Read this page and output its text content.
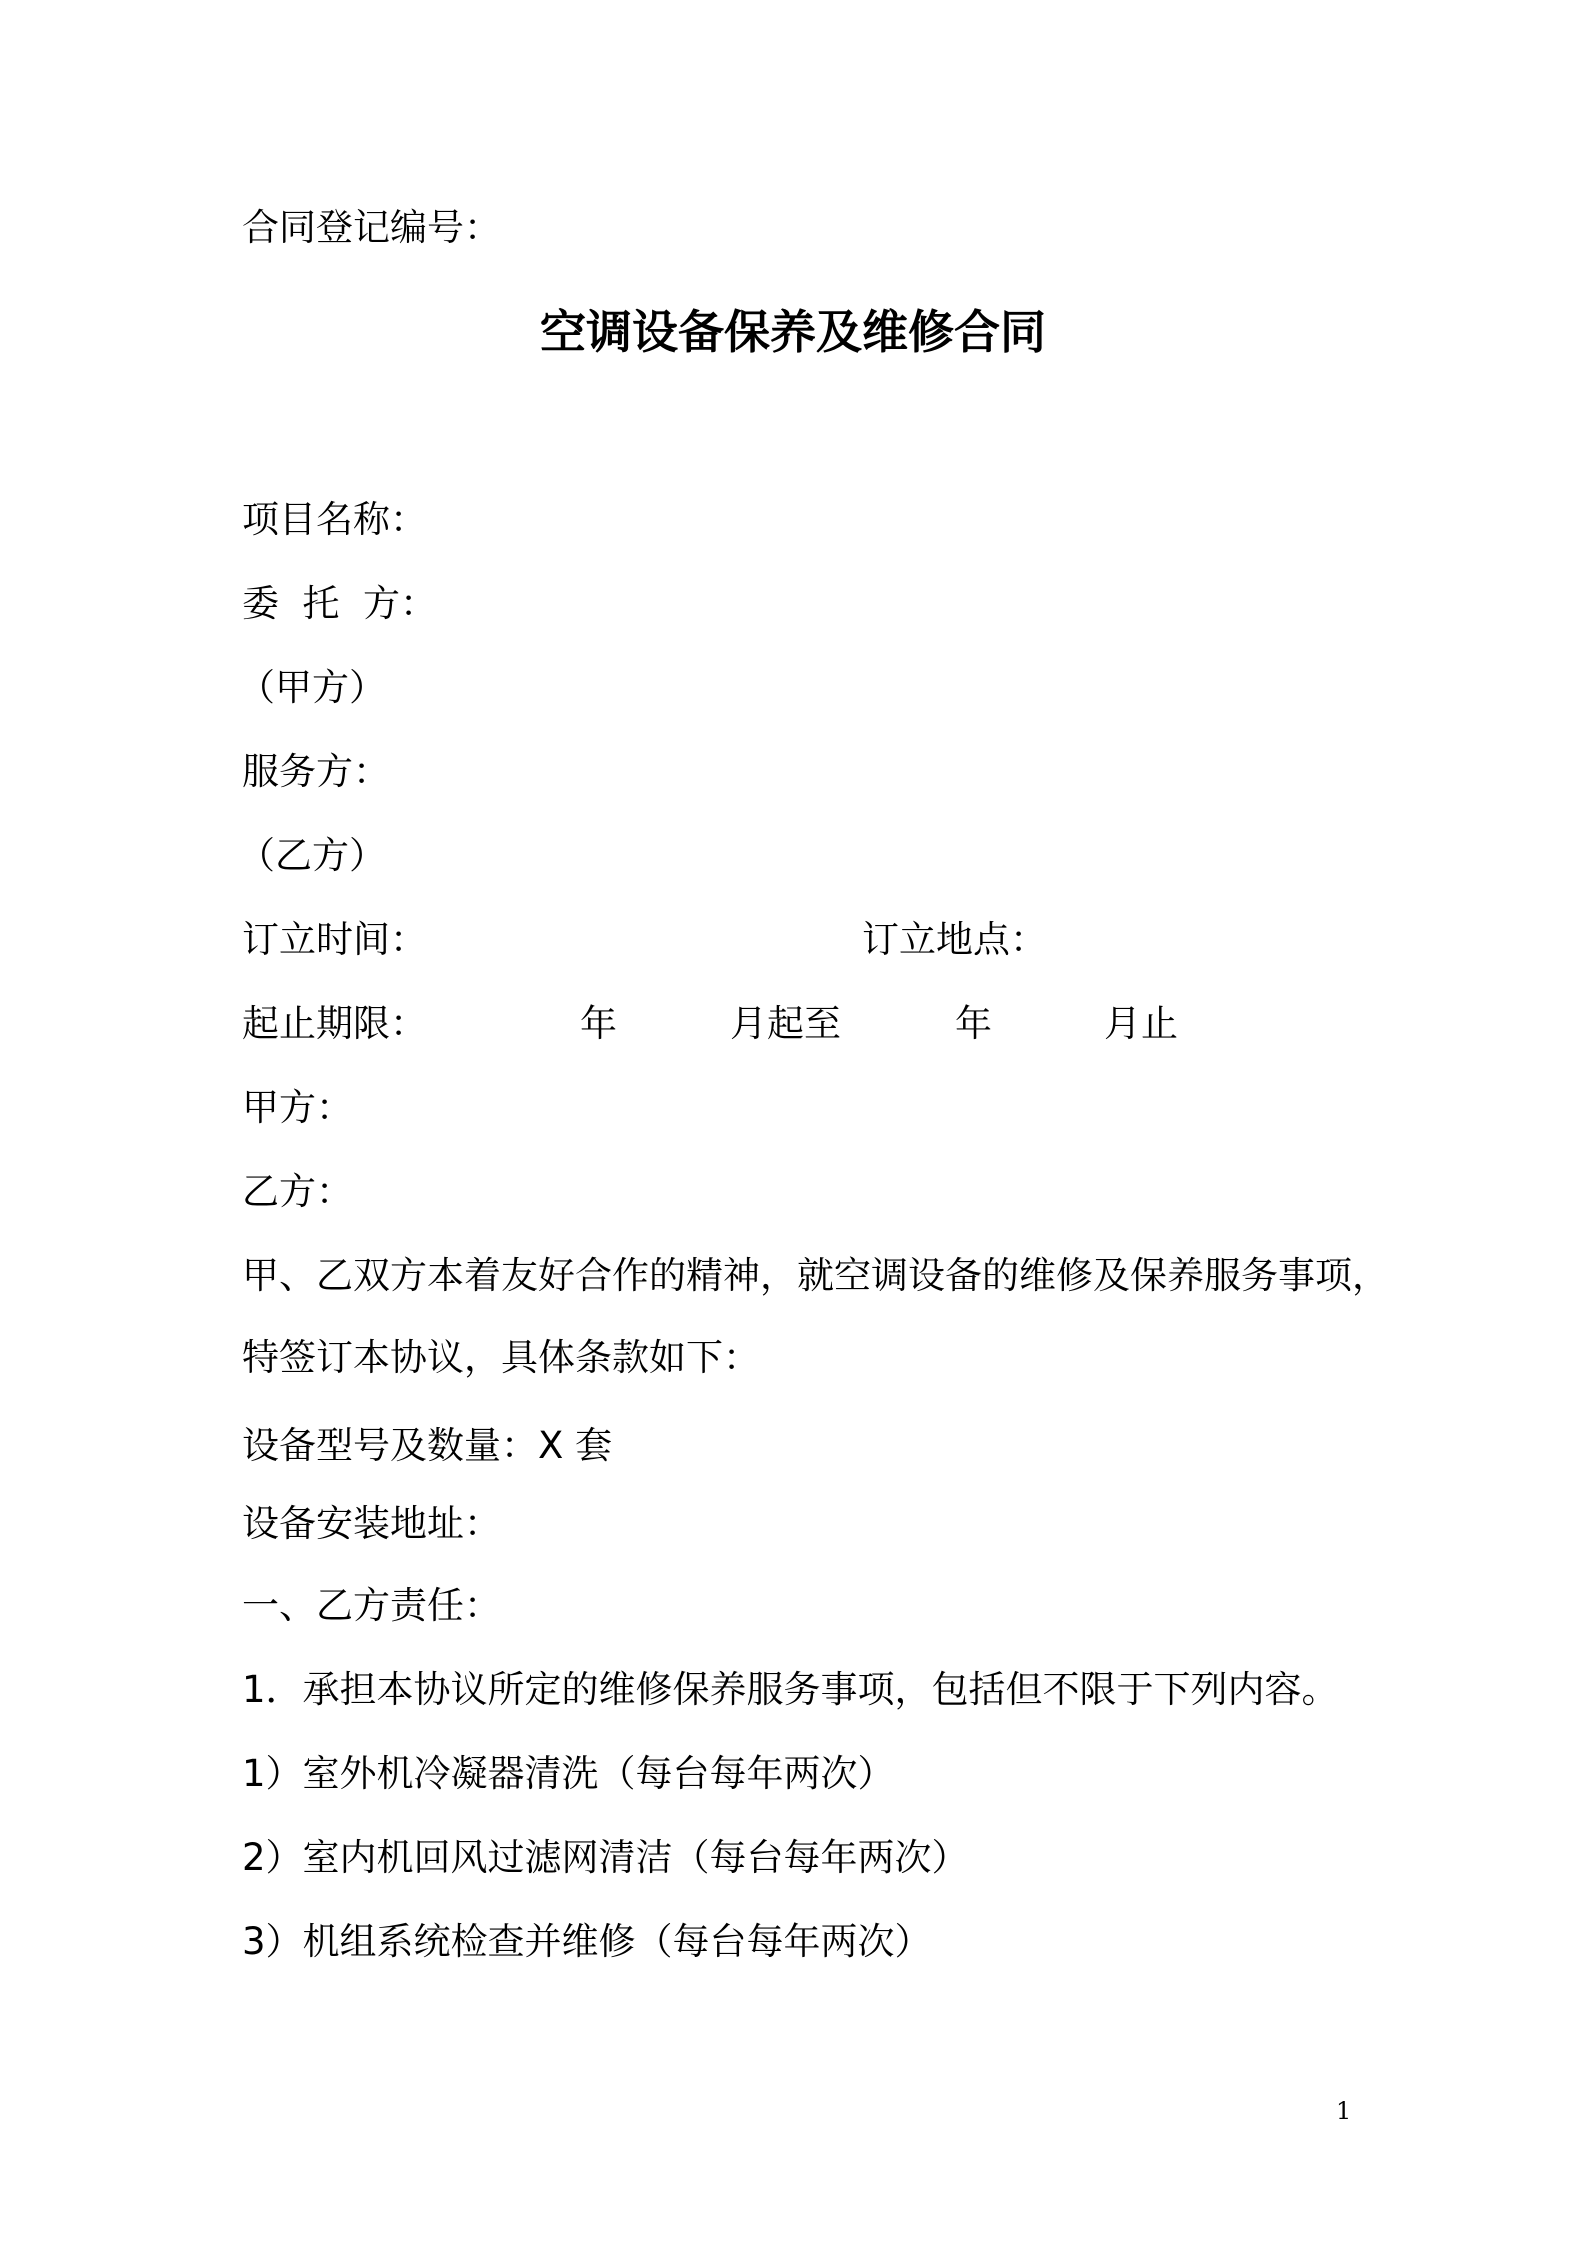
合同登记编号：
空调设备保养及维修合同
项目名称：
委  托  方：
（甲方）
服务方：
（乙方）
订立时间：	订立地点：
起止期限：	年	月起至	年	月止
甲方：
乙方：
甲、乙双方本着友好合作的精神，就空调设备的维修及保养服务事项，
特签订本协议，具体条款如下：
设备型号及数量：X 套
设备安装地址：
一、乙方责任：
1．承担本协议所定的维修保养服务事项，包括但不限于下列内容。
1）室外机冷凝器清洗（每台每年两次）
2）室内机回风过滤网清洁（每台每年两次）
3）机组系统检查并维修（每台每年两次）
1
